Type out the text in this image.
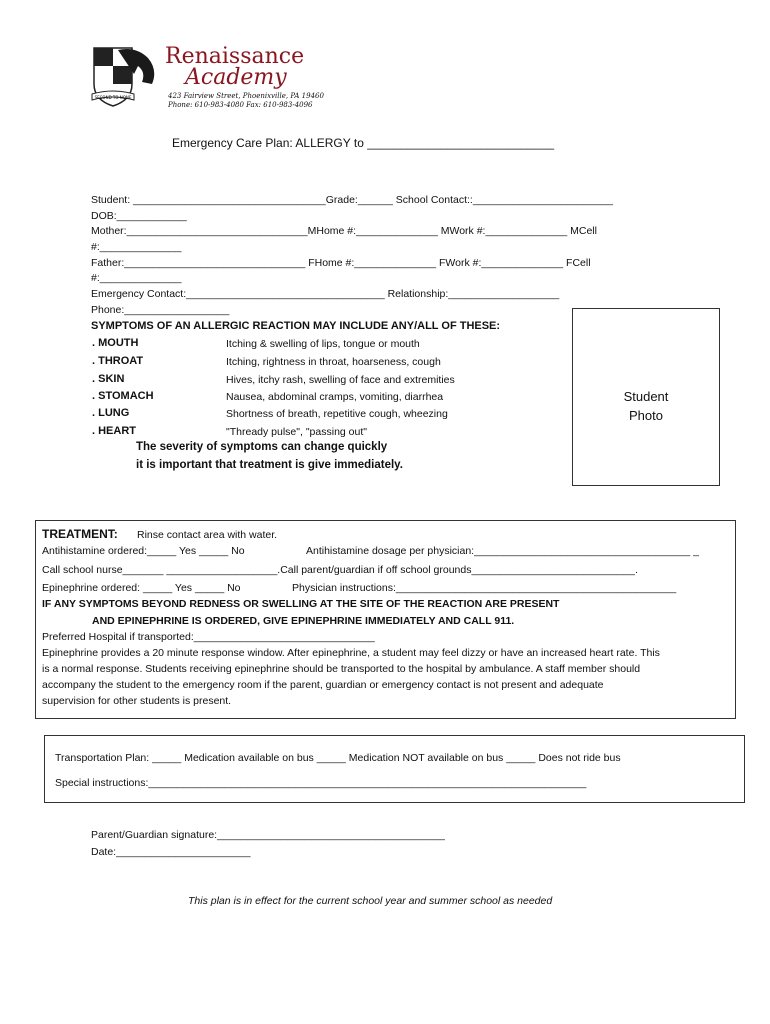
SECOND TO NONE
Renaissance
Academy
423 Fairview Street, Phoenixville, PA 19460
Phone: 610-983-4080 Fax: 610-983-4096
Emergency Care Plan: ALLERGY to ____________________________
Student: _________________________________Grade:______ School Contact::________________________
DOB:____________
Mother:_______________________________MHome #:______________ MWork #:______________ MCell
#:______________
Father:_______________________________ FHome #:______________ FWork #:______________ FCell
#:______________
Emergency Contact:__________________________________ Relationship:___________________
Phone:__________________
Student
Photo
SYMPTOMS OF AN ALLERGIC REACTION MAY INCLUDE ANY/ALL OF THESE:
. MOUTH	Itching & swelling of lips, tongue or mouth
. THROAT	Itching, rightness in throat, hoarseness, cough
. SKIN	Hives, itchy rash, swelling of face and extremities
. STOMACH	Nausea, abdominal cramps, vomiting, diarrhea
. LUNG	Shortness of breath, repetitive cough, wheezing
. HEART	"Thready pulse", "passing out"
The severity of symptoms can change quickly
it is important that treatment is give immediately.
TREATMENT: Rinse contact area with water.
Antihistamine ordered:_____ Yes _____ No	Antihistamine dosage per physician:_____________________________________ _
Call school nurse_______ ___________________.Call parent/guardian if off school grounds____________________________.
Epinephrine ordered: _____ Yes _____ No	Physician instructions:________________________________________________
IF ANY SYMPTOMS BEYOND REDNESS OR SWELLING AT THE SITE OF THE REACTION ARE PRESENT
AND EPINEPHRINE IS ORDERED, GIVE EPINEPHRINE IMMEDIATELY AND CALL 911.
Preferred Hospital if transported:_______________________________
Epinephrine provides a 20 minute response window. After epinephrine, a student may feel dizzy or have an increased heart rate. This
is a normal response. Students receiving epinephrine should be transported to the hospital by ambulance. A staff member should
accompany the student to the emergency room if the parent, guardian or emergency contact is not present and adequate
supervision for other students is present.
Transportation Plan: _____ Medication available on bus _____ Medication NOT available on bus _____ Does not ride bus
Special instructions:___________________________________________________________________________
Parent/Guardian signature:_______________________________________
Date:_______________________
This plan is in effect for the current school year and summer school as needed
